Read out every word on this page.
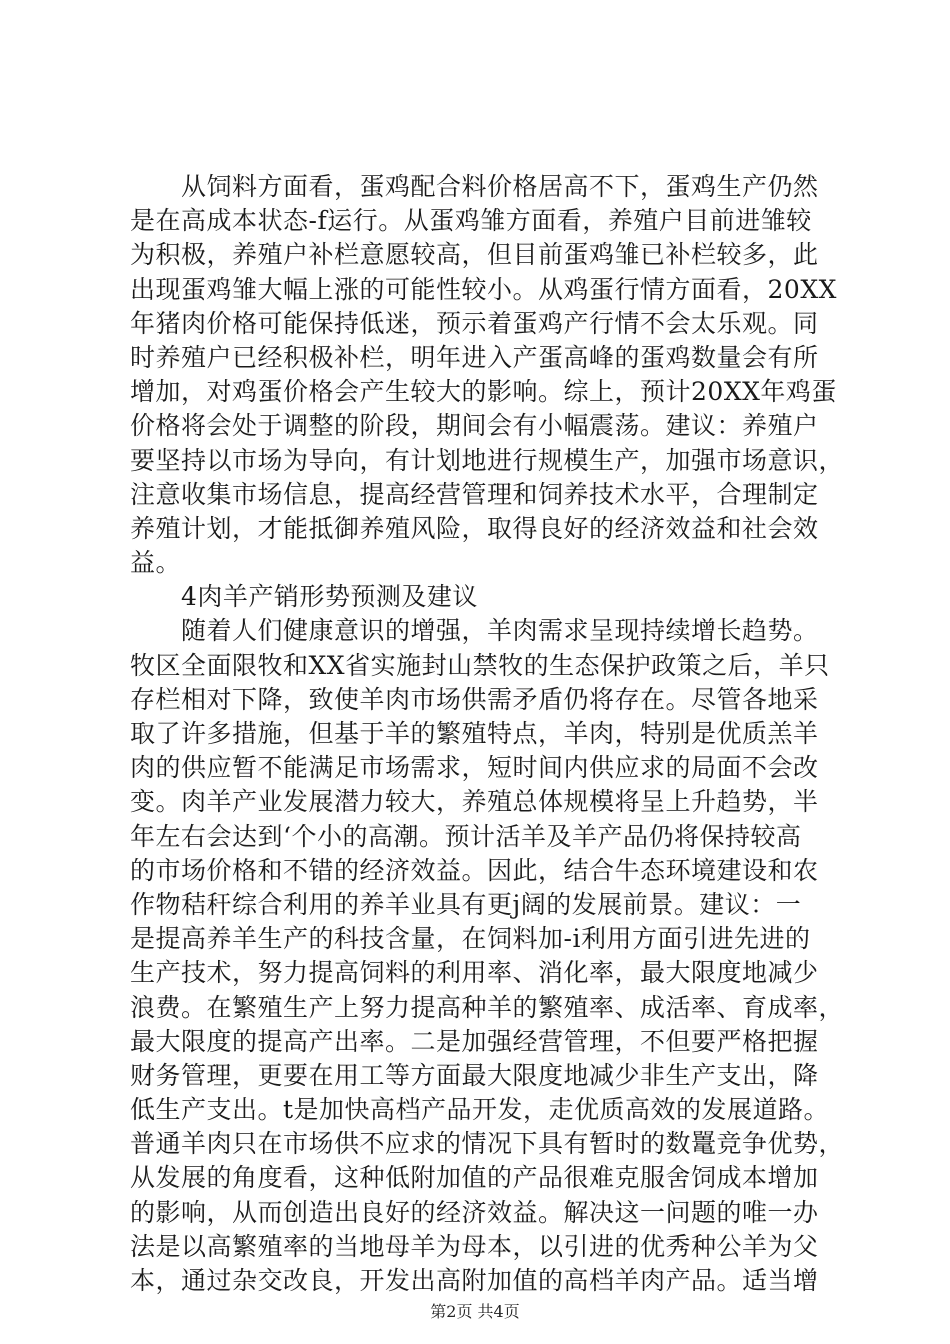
　　从饲料方面看，蛋鸡配合料价格居高不下，蛋鸡生产仍然
是在高成本状态-f运行。从蛋鸡雏方面看，养殖户目前进雏较
为积极，养殖户补栏意愿较高，但目前蛋鸡雏已补栏较多，此
出现蛋鸡雏大幅上涨的可能性较小。从鸡蛋行情方面看，20XX
年猪肉价格可能保持低迷，预示着蛋鸡产行情不会太乐观。同
时养殖户已经积极补栏，明年进入产蛋高峰的蛋鸡数量会有所
增加，对鸡蛋价格会产生较大的影响。综上，预计20XX年鸡蛋
价格将会处于调整的阶段，期间会有小幅震荡。建议：养殖户
要坚持以市场为导向，有计划地进行规模生产，加强市场意识，
注意收集市场信息，提高经营管理和饲养技术水平，合理制定
养殖计划，才能抵御养殖风险，取得良好的经济效益和社会效
益。
　　4肉羊产销形势预测及建议
　　随着人们健康意识的增强，羊肉需求呈现持续增长趋势。
牧区全面限牧和XX省实施封山禁牧的生态保护政策之后，羊只
存栏相对下降，致使羊肉市场供需矛盾仍将存在。尽管各地采
取了许多措施，但基于羊的繁殖特点，羊肉，特别是优质羔羊
肉的供应暂不能满足市场需求，短时间内供应求的局面不会改
变。肉羊产业发展潜力较大，养殖总体规模将呈上升趋势，半
年左右会达到‘个小的高潮。预计活羊及羊产品仍将保持较高
的市场价格和不错的经济效益。因此，结合牛态环境建设和农
作物秸秆综合利用的养羊业具有更j阔的发展前景。建议：一
是提高养羊生产的科技含量，在饲料加-i利用方面引进先进的
生产技术，努力提高饲料的利用率、消化率，最大限度地减少
浪费。在繁殖生产上努力提高种羊的繁殖率、成活率、育成率，
最大限度的提高产出率。二是加强经营管理，不但要严格把握
财务管理，更要在用工等方面最大限度地减少非生产支出，降
低生产支出。t是加快高档产品开发，走优质高效的发展道路。
普通羊肉只在市场供不应求的情况下具有暂时的数鼍竞争优势，
从发展的角度看，这种低附加值的产品很难克服舍饲成本增加
的影响，从而创造出良好的经济效益。解决这一问题的唯一办
法是以高繁殖率的当地母羊为母本，以引进的优秀种公羊为父
本，通过杂交改良，开发出高附加值的高档羊肉产品。适当增
第2页 共4页
